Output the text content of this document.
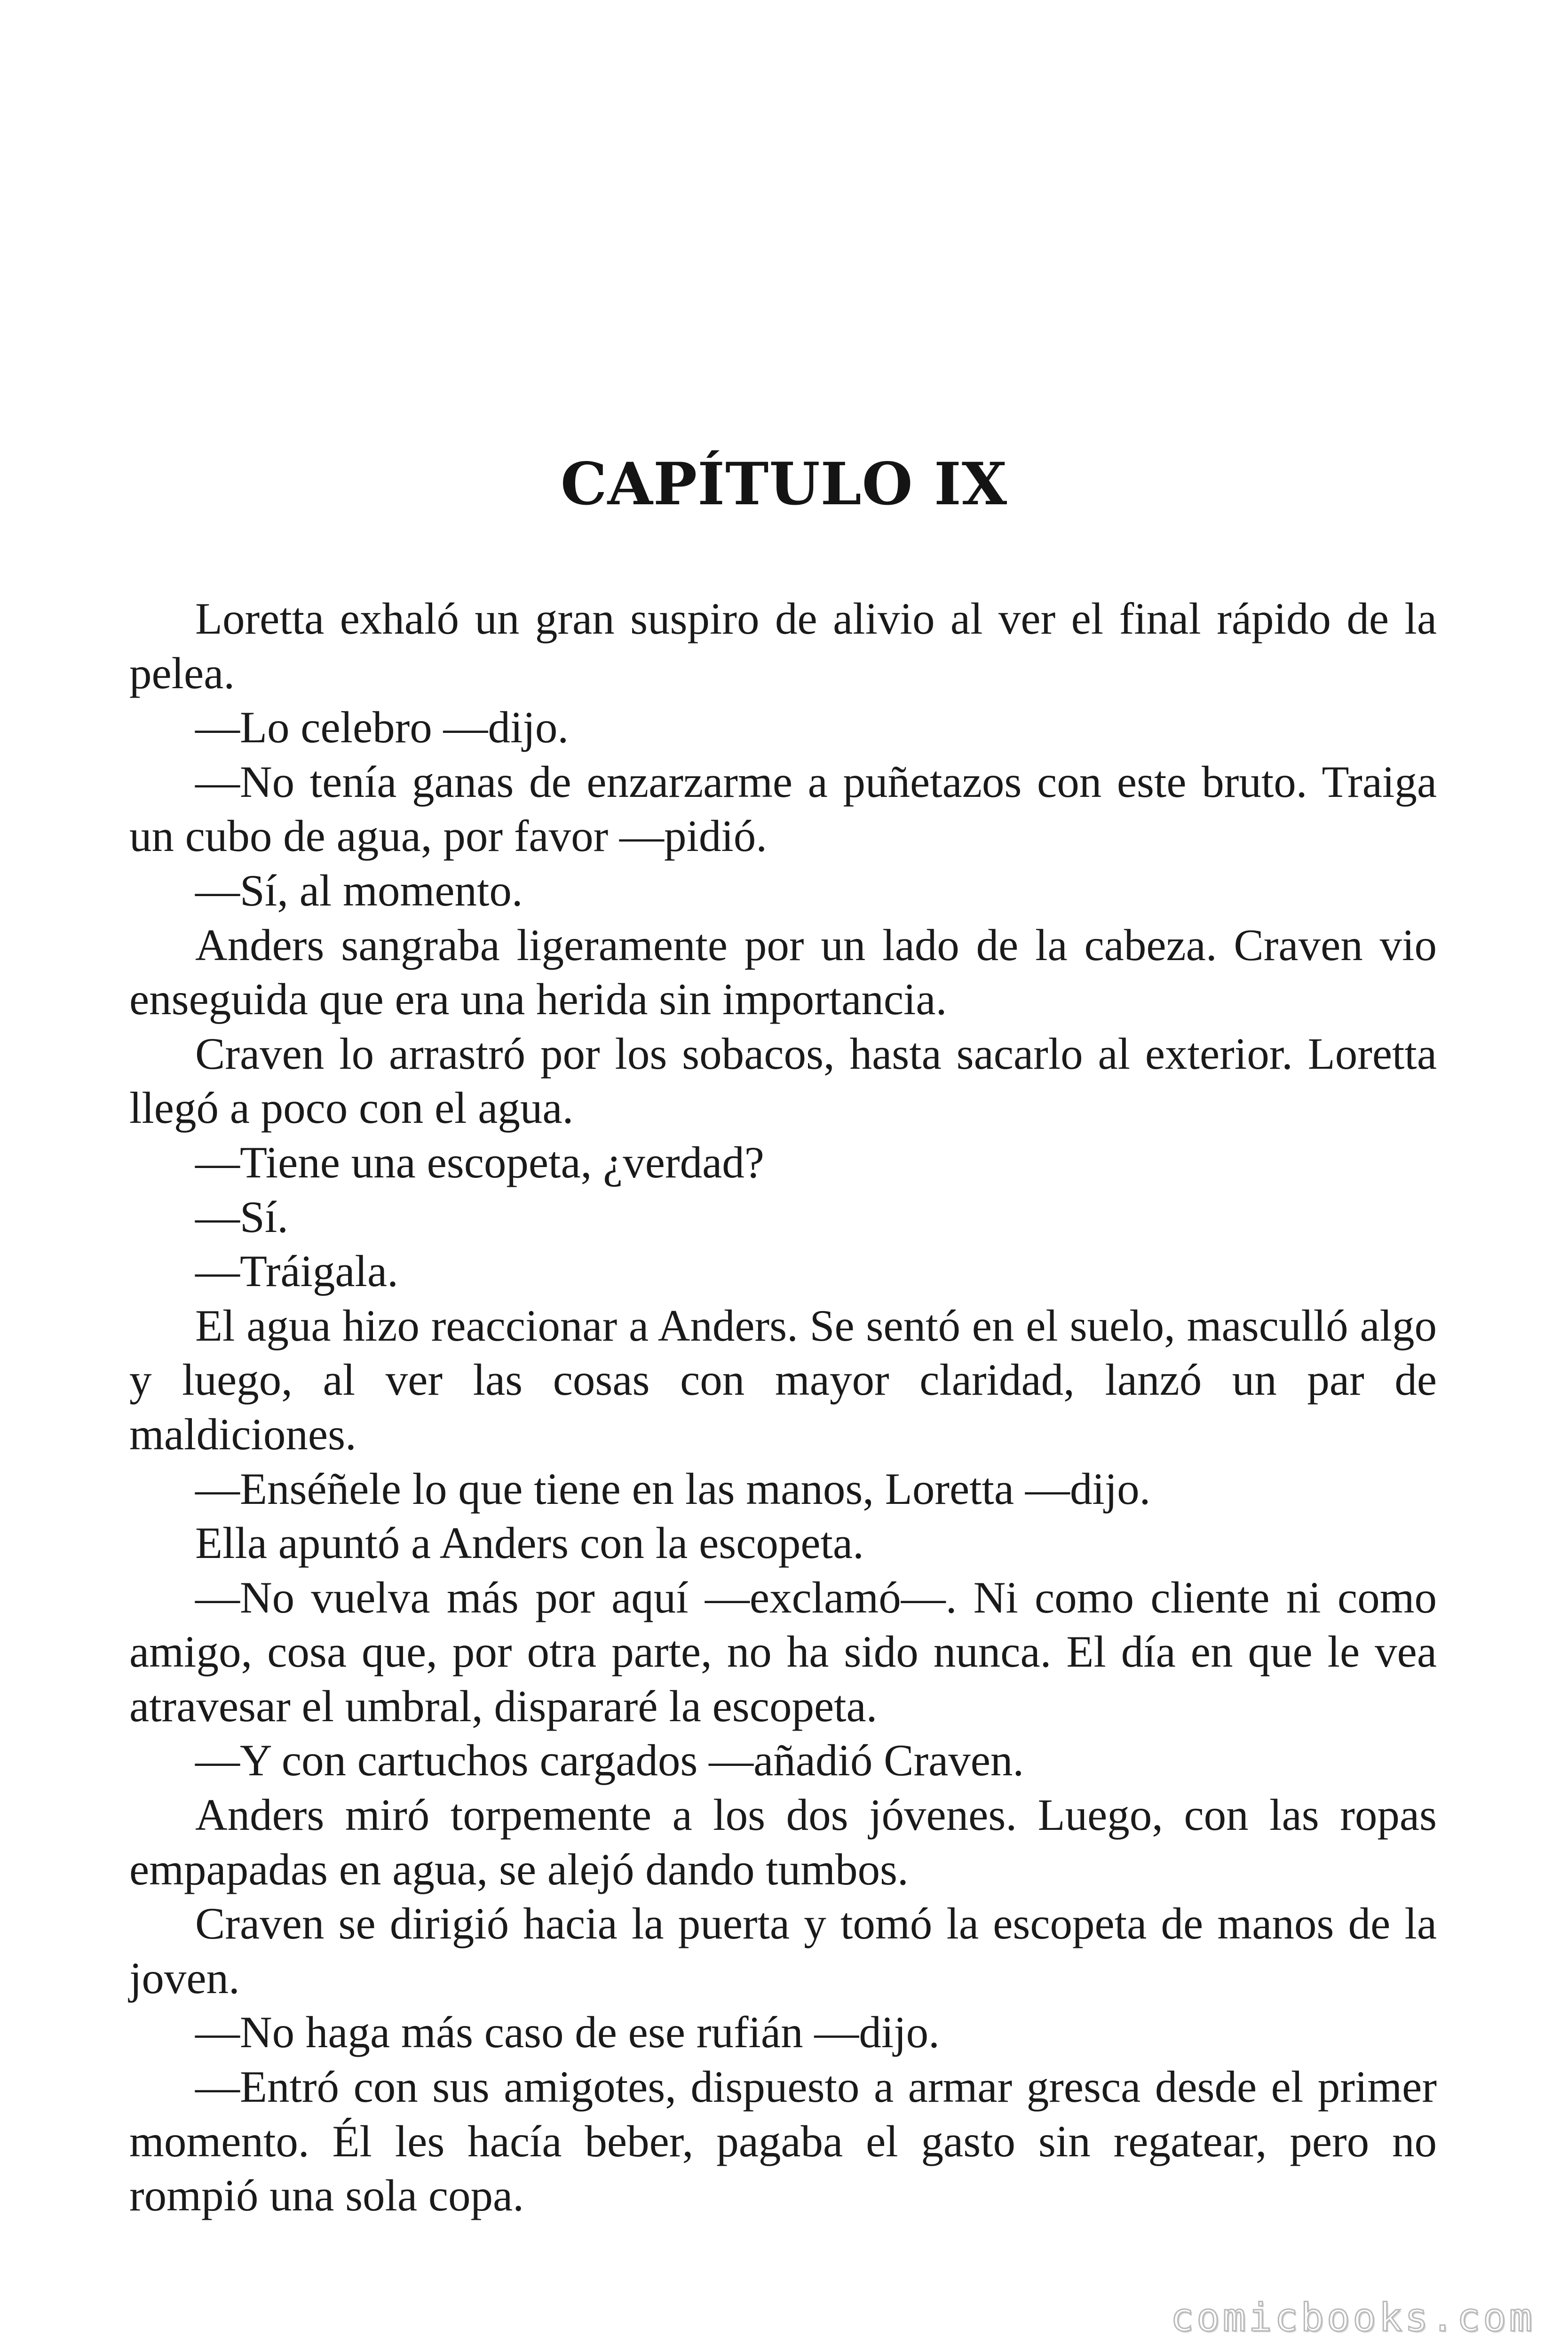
CAPÍTULO IX

Loretta exhaló un gran suspiro de alivio al ver el final rápido de la pelea.

—Lo celebro —dijo.

—No tenía ganas de enzarzarme a puñetazos con este bruto. Traiga un cubo de agua, por favor —pidió.

—Sí, al momento.

Anders sangraba ligeramente por un lado de la cabeza. Craven vio enseguida que era una herida sin importancia.

Craven lo arrastró por los sobacos, hasta sacarlo al exterior. Loretta llegó a poco con el agua.

—Tiene una escopeta, ¿verdad?

—Sí.

—Tráigala.

El agua hizo reaccionar a Anders. Se sentó en el suelo, masculló algo y luego, al ver las cosas con mayor claridad, lanzó un par de maldiciones.

—Enséñele lo que tiene en las manos, Loretta —dijo.

Ella apuntó a Anders con la escopeta.

—No vuelva más por aquí —exclamó—. Ni como cliente ni como amigo, cosa que, por otra parte, no ha sido nunca. El día en que le vea atravesar el umbral, dispararé la escopeta.

—Y con cartuchos cargados —añadió Craven.

Anders miró torpemente a los dos jóvenes. Luego, con las ropas empapadas en agua, se alejó dando tumbos.

Craven se dirigió hacia la puerta y tomó la escopeta de manos de la joven.

—No haga más caso de ese rufián —dijo.

—Entró con sus amigotes, dispuesto a armar gresca desde el primer momento. Él les hacía beber, pagaba el gasto sin regatear, pero no rompió una sola copa.

comicbooks.com
